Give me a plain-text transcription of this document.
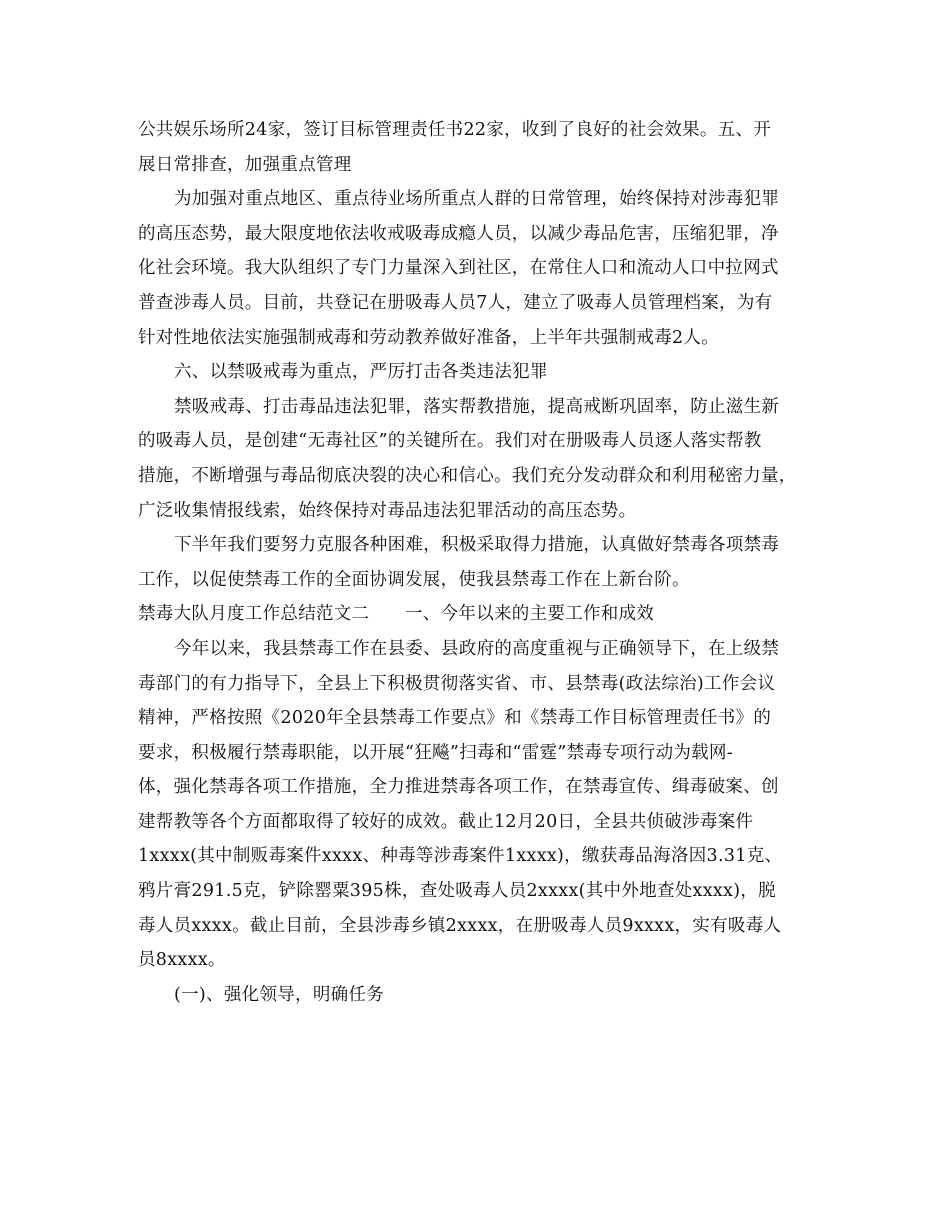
公共娱乐场所24家，签订目标管理责任书22家，收到了良好的社会效果。五、开
展日常排查，加强重点管理
为加强对重点地区、重点待业场所重点人群的日常管理，始终保持对涉毒犯罪
的高压态势，最大限度地依法收戒吸毒成瘾人员，以减少毒品危害，压缩犯罪，净
化社会环境。我大队组织了专门力量深入到社区，在常住人口和流动人口中拉网式
普查涉毒人员。目前，共登记在册吸毒人员7人，建立了吸毒人员管理档案，为有
针对性地依法实施强制戒毒和劳动教养做好准备，上半年共强制戒毒2人。
六、以禁吸戒毒为重点，严厉打击各类违法犯罪
禁吸戒毒、打击毒品违法犯罪，落实帮教措施，提高戒断巩固率，防止滋生新
的吸毒人员，是创建“无毒社区”的关键所在。我们对在册吸毒人员逐人落实帮教
措施，不断增强与毒品彻底决裂的决心和信心。我们充分发动群众和利用秘密力量，
广泛收集情报线索，始终保持对毒品违法犯罪活动的高压态势。
下半年我们要努力克服各种困难，积极采取得力措施，认真做好禁毒各项禁毒
工作，以促使禁毒工作的全面协调发展，使我县禁毒工作在上新台阶。
禁毒大队月度工作总结范文二　　一、今年以来的主要工作和成效
今年以来，我县禁毒工作在县委、县政府的高度重视与正确领导下，在上级禁
毒部门的有力指导下，全县上下积极贯彻落实省、市、县禁毒(政法综治)工作会议
精神，严格按照《2020年全县禁毒工作要点》和《禁毒工作目标管理责任书》的
要求，积极履行禁毒职能，以开展“狂飚”扫毒和“雷霆”禁毒专项行动为载网-
体，强化禁毒各项工作措施，全力推进禁毒各项工作，在禁毒宣传、缉毒破案、创
建帮教等各个方面都取得了较好的成效。截止12月20日，全县共侦破涉毒案件
1xxxx(其中制贩毒案件xxxx、种毒等涉毒案件1xxxx)，缴获毒品海洛因3.31克、
鸦片膏291.5克，铲除罂粟395株，查处吸毒人员2xxxx(其中外地查处xxxx)，脱
毒人员xxxx。截止目前，全县涉毒乡镇2xxxx，在册吸毒人员9xxxx，实有吸毒人
员8xxxx。
(一)、强化领导，明确任务
